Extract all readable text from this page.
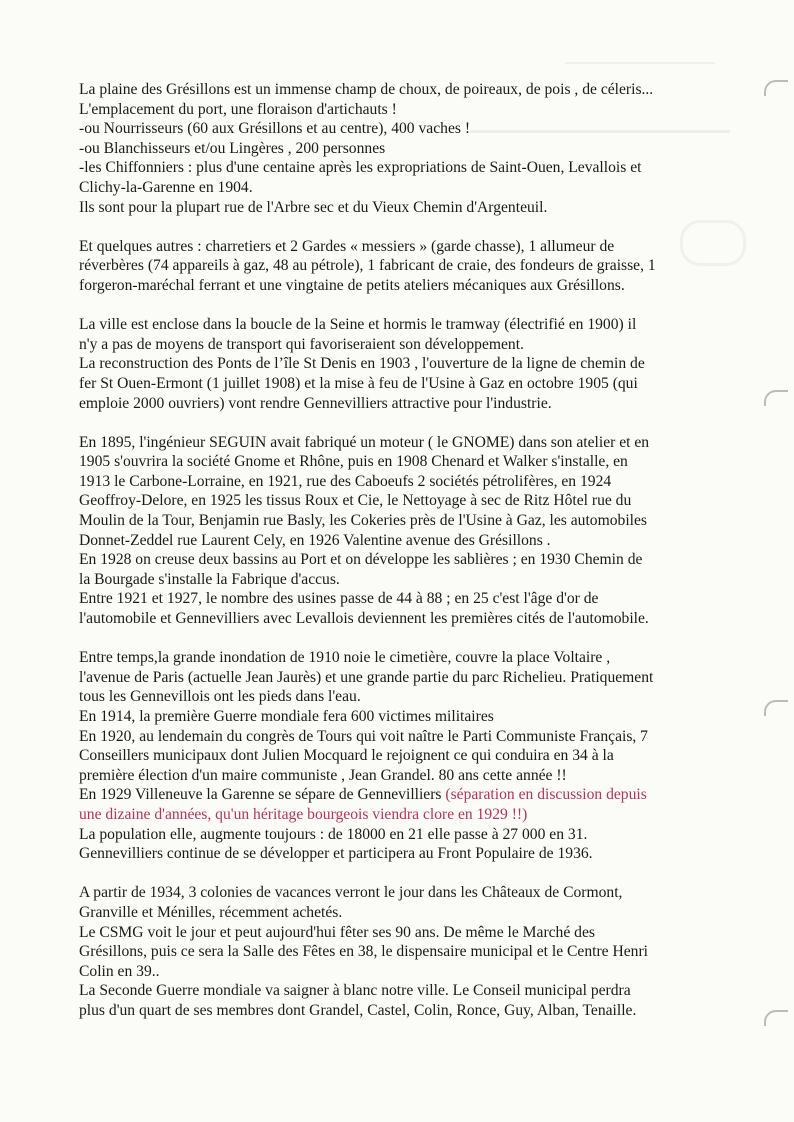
La plaine des Grésillons est un immense champ de choux, de poireaux, de pois , de céleris...
L'emplacement du port, une floraison d'artichauts !
-ou Nourrisseurs (60 aux Grésillons et au centre), 400 vaches !
-ou Blanchisseurs et/ou Lingères , 200 personnes
-les Chiffonniers : plus d'une centaine après les expropriations de Saint-Ouen, Levallois et
Clichy-la-Garenne en 1904.
Ils sont pour la plupart rue de l'Arbre sec et du Vieux Chemin d'Argenteuil.
Et quelques autres : charretiers et 2 Gardes « messiers » (garde chasse), 1 allumeur de
réverbères (74 appareils à gaz, 48 au pétrole), 1 fabricant de craie, des fondeurs de graisse, 1
forgeron-maréchal ferrant et une vingtaine de petits ateliers mécaniques aux Grésillons.
La ville est enclose dans la boucle de la Seine et hormis le tramway (électrifié en 1900) il
n'y a pas de moyens de transport qui favoriseraient son développement.
La reconstruction des Ponts de l’île St Denis en 1903 , l'ouverture de la ligne de chemin de
fer St Ouen-Ermont (1 juillet 1908) et la mise à feu de l'Usine à Gaz en octobre 1905 (qui
emploie 2000 ouvriers) vont rendre Gennevilliers attractive pour l'industrie.
En 1895, l'ingénieur SEGUIN avait fabriqué un moteur ( le GNOME) dans son atelier et en
1905 s'ouvrira la société Gnome et Rhône, puis en 1908 Chenard et Walker s'installe, en
1913 le Carbone-Lorraine, en 1921, rue des Caboeufs 2 sociétés pétrolifères, en 1924
Geoffroy-Delore, en 1925 les tissus Roux et Cie, le Nettoyage à sec de Ritz Hôtel rue du
Moulin de la Tour, Benjamin rue Basly, les Cokeries près de l'Usine à Gaz, les automobiles
Donnet-Zeddel rue Laurent Cely, en 1926 Valentine avenue des Grésillons .
En 1928 on creuse deux bassins au Port et on développe les sablières ; en 1930 Chemin de
la Bourgade s'installe la Fabrique d'accus.
Entre 1921 et 1927, le nombre des usines passe de 44 à 88 ; en 25 c'est l'âge d'or de
l'automobile et Gennevilliers avec Levallois deviennent les premières cités de l'automobile.
Entre temps,la grande inondation de 1910 noie le cimetière, couvre la place Voltaire ,
l'avenue de Paris (actuelle Jean Jaurès) et une grande partie du parc Richelieu. Pratiquement
tous les Gennevillois ont les pieds dans l'eau.
En 1914, la première Guerre mondiale fera 600 victimes militaires
En 1920, au lendemain du congrès de Tours qui voit naître le Parti Communiste Français, 7
Conseillers municipaux dont Julien Mocquard le rejoignent ce qui conduira en 34 à la
première élection d'un maire communiste , Jean Grandel. 80 ans cette année !!
En 1929 Villeneuve la Garenne se sépare de Gennevilliers (séparation en discussion depuis
une dizaine d'années, qu'un héritage bourgeois viendra clore en 1929 !!)
La population elle, augmente toujours : de 18000 en 21 elle passe à 27 000 en 31.
Gennevilliers continue de se développer et participera au Front Populaire de 1936.
A partir de 1934, 3 colonies de vacances verront le jour dans les Châteaux de Cormont,
Granville et Ménilles, récemment achetés.
Le CSMG voit le jour et peut aujourd'hui fêter ses 90 ans. De même le Marché des
Grésillons, puis ce sera la Salle des Fêtes en 38, le dispensaire municipal et le Centre Henri
Colin en 39..
La Seconde Guerre mondiale va saigner à blanc notre ville. Le Conseil municipal perdra
plus d'un quart de ses membres dont Grandel, Castel, Colin, Ronce, Guy, Alban, Tenaille.
